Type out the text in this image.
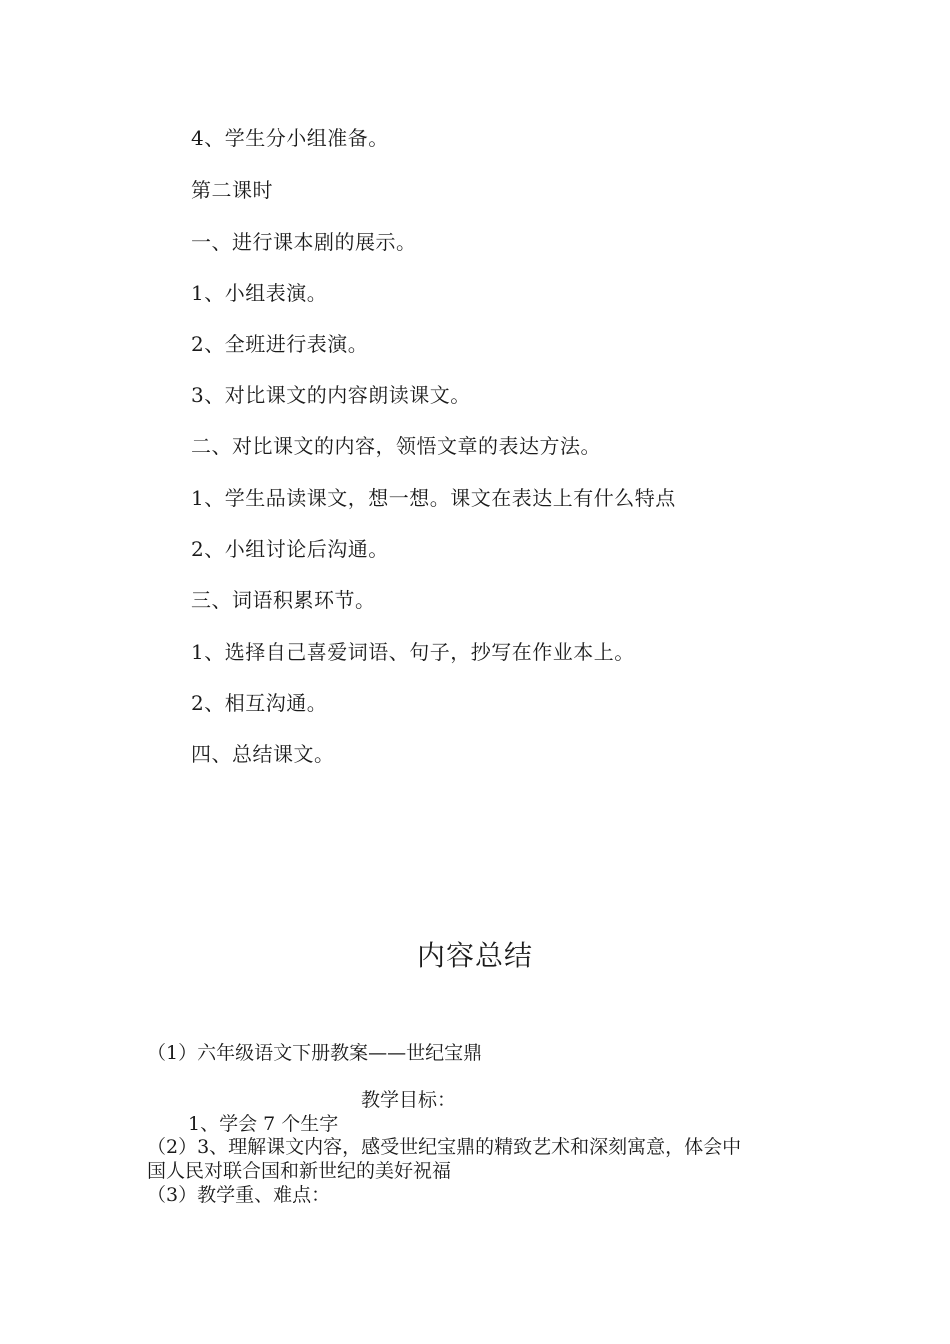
4、学生分小组准备。
第二课时
一、进行课本剧的展示。
1、小组表演。
2、全班进行表演。
3、对比课文的内容朗读课文。
二、对比课文的内容，领悟文章的表达方法。
1、学生品读课文，想一想。课文在表达上有什么特点
2、小组讨论后沟通。
三、词语积累环节。
1、选择自己喜爱词语、句子，抄写在作业本上。
2、相互沟通。
四、总结课文。
内容总结
（1）六年级语文下册教案——世纪宝鼎
教学目标：
1、学会 7 个生字
（2）3、理解课文内容，感受世纪宝鼎的精致艺术和深刻寓意，体会中
国人民对联合国和新世纪的美好祝福
（3）教学重、难点：
